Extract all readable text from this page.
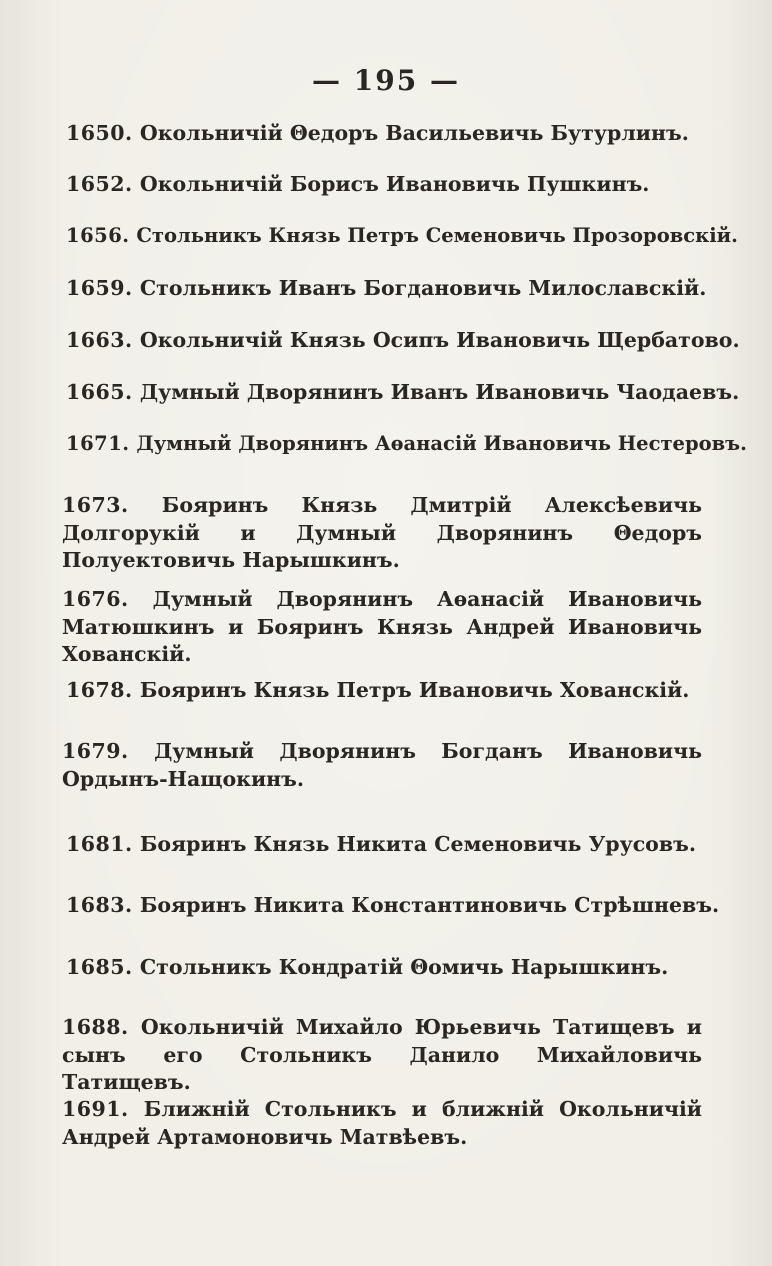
— 195 —
1650. Окольничій Θедоръ Васильевичь Бутурлинъ.
1652. Окольничій Борисъ Ивановичь Пушкинъ.
1656. Стольникъ Князь Петръ Семеновичь Прозоровскій.
1659. Стольникъ Иванъ Богдановичь Милославскій.
1663. Окольничій Князь Осипъ Ивановичь Щербатово.
1665. Думный Дворянинъ Иванъ Ивановичь Чаодаевъ.
1671. Думный Дворянинъ Аѳанасій Ивановичь Нестеровъ.
1673. Бояринъ Князь Дмитрій Алексѣевичь Долгорукій и Думный Дворянинъ Θедоръ Полуектовичь Нарышкинъ.
1676. Думный Дворянинъ Аѳанасій Ивановичь Матюшкинъ и Бояринъ Князь Андрей Ивановичь Хованскій.
1678. Бояринъ Князь Петръ Ивановичь Хованскій.
1679. Думный Дворянинъ Богданъ Ивановичь Ордынъ-Нащокинъ.
1681. Бояринъ Князь Никита Семеновичь Урусовъ.
1683. Бояринъ Никита Константиновичь Стрѣшневъ.
1685. Стольникъ Кондратій Θомичь Нарышкинъ.
1688. Окольничій Михайло Юрьевичь Татищевъ и сынъ его Стольникъ Данило Михайловичь Татищевъ.
1691. Ближній Стольникъ и ближній Окольничій Андрей Артамоновичь Матвѣевъ.
